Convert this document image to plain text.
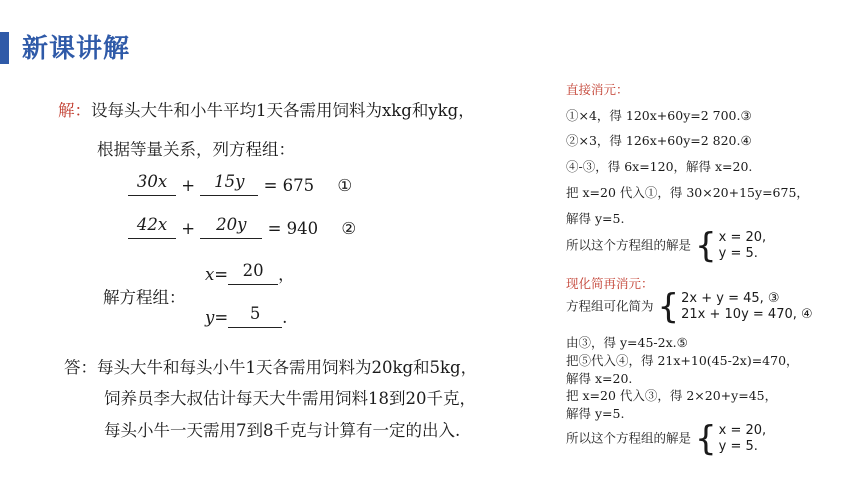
新课讲解
解：设每头大牛和小牛平均1天各需用饲料为xkg和ykg，
根据等量关系，列方程组：
30x + 15y = 675 ①
42x + 20y = 940 ②
x= 20 ，
解方程组：
y= 5 .
答：每头大牛和每头小牛1天各需用饲料为20kg和5kg，
饲养员李大叔估计每天大牛需用饲料18到20千克，
每头小牛一天需用7到8千克与计算有一定的出入.
直接消元：
①×4，得 120x+60y=2 700.③
②×3，得 126x+60y=2 820.④
④-③，得 6x=120，解得 x=20.
把 x=20 代入①，得 30×20+15y=675，
解得 y=5.
所以这个方程组的解是 { x = 20,
y = 5.
现化简再消元：
方程组可化简为 { 2x + y = 45, ③
21x + 10y = 470, ④
由③，得 y=45-2x.⑤
把⑤代入④，得 21x+10(45-2x)=470，
解得 x=20.
把 x=20 代入③，得 2×20+y=45，
解得 y=5.
所以这个方程组的解是 { x = 20,
y = 5.
